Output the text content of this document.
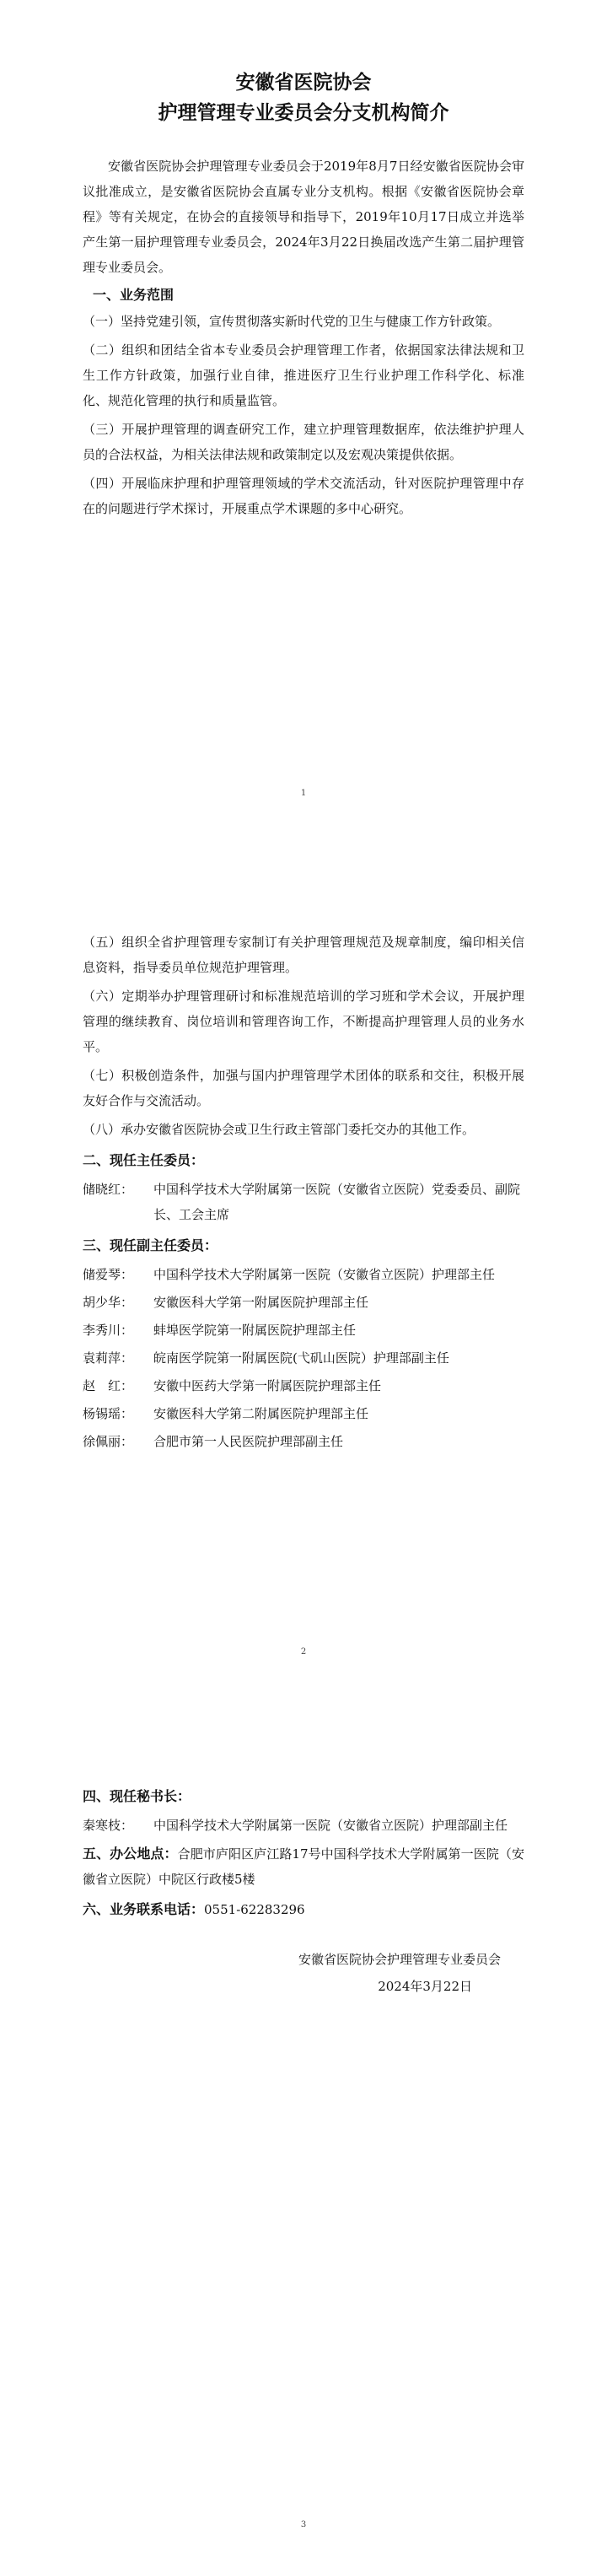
安徽省医院协会
护理管理专业委员会分支机构简介

安徽省医院协会护理管理专业委员会于2019年8月7日经安徽省医院协会审议批准成立，是安徽省医院协会直属专业分支机构。根据《安徽省医院协会章程》等有关规定，在协会的直接领导和指导下，2019年10月17日成立并选举产生第一届护理管理专业委员会，2024年3月22日换届改选产生第二届护理管理专业委员会。

一、业务范围

（一）坚持党建引领，宣传贯彻落实新时代党的卫生与健康工作方针政策。

（二）组织和团结全省本专业委员会护理管理工作者，依据国家法律法规和卫生工作方针政策，加强行业自律，推进医疗卫生行业护理工作科学化、标准化、规范化管理的执行和质量监管。

（三）开展护理管理的调查研究工作，建立护理管理数据库，依法维护护理人员的合法权益，为相关法律法规和政策制定以及宏观决策提供依据。

（四）开展临床护理和护理管理领域的学术交流活动，针对医院护理管理中存在的问题进行学术探讨，开展重点学术课题的多中心研究。

1

（五）组织全省护理管理专家制订有关护理管理规范及规章制度，编印相关信息资料，指导委员单位规范护理管理。

（六）定期举办护理管理研讨和标准规范培训的学习班和学术会议，开展护理管理的继续教育、岗位培训和管理咨询工作，不断提高护理管理人员的业务水平。

（七）积极创造条件，加强与国内护理管理学术团体的联系和交往，积极开展友好合作与交流活动。

（八）承办安徽省医院协会或卫生行政主管部门委托交办的其他工作。

二、现任主任委员：
储晓红：	中国科学技术大学附属第一医院（安徽省立医院）党委委员、副院长、工会主席
三、现任副主任委员：
储爱琴：	中国科学技术大学附属第一医院（安徽省立医院）护理部主任
胡少华：	安徽医科大学第一附属医院护理部主任
李秀川：	蚌埠医学院第一附属医院护理部主任
袁莉萍：	皖南医学院第一附属医院(弋矶山医院）护理部副主任
赵　红：	安徽中医药大学第一附属医院护理部主任
杨锡瑶：	安徽医科大学第二附属医院护理部主任
徐佩丽：	合肥市第一人民医院护理部副主任
2
四、现任秘书长：
秦寒枝：	中国科学技术大学附属第一医院（安徽省立医院）护理部副主任

五、办公地点：合肥市庐阳区庐江路17号中国科学技术大学附属第一医院（安徽省立医院）中院区行政楼5楼

六、业务联系电话：0551-62283296

安徽省医院协会护理管理专业委员会
2024年3月22日
3
